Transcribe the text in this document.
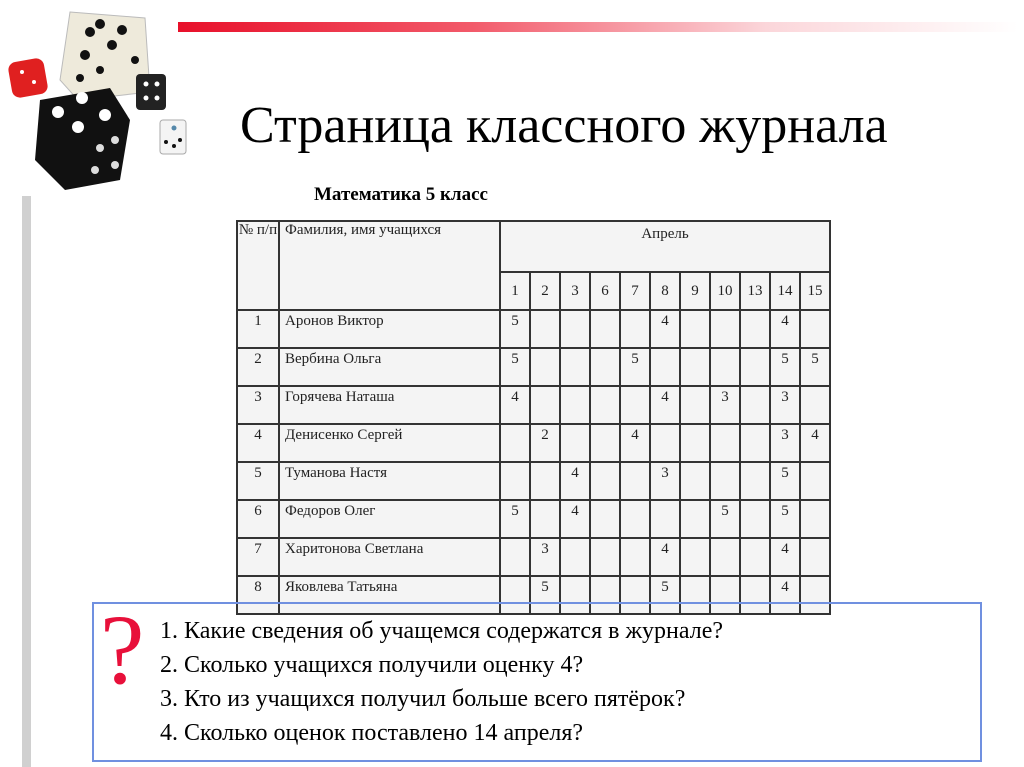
Страница классного журнала
Математика 5 класс
№ п/п	Фамилия, имя учащихся	Апрель										
		1	2	3	6	7	8	9	10	13	14	15
1	Аронов Виктор	5					4				4	
2	Вербина Ольга	5				5					5	5
3	Горячева Наташа	4					4		3		3	
4	Денисенко Сергей		2			4					3	4
5	Туманова Настя			4			3				5	
6	Федоров Олег	5		4					5		5	
7	Харитонова Светлана		3				4				4	
8	Яковлева Татьяна		5				5				4	
? 1. Какие сведения об учащемся содержатся в журнале?
2. Сколько учащихся получили оценку 4?
3. Кто из учащихся получил больше всего пятёрок?
4. Сколько оценок поставлено 14 апреля?
